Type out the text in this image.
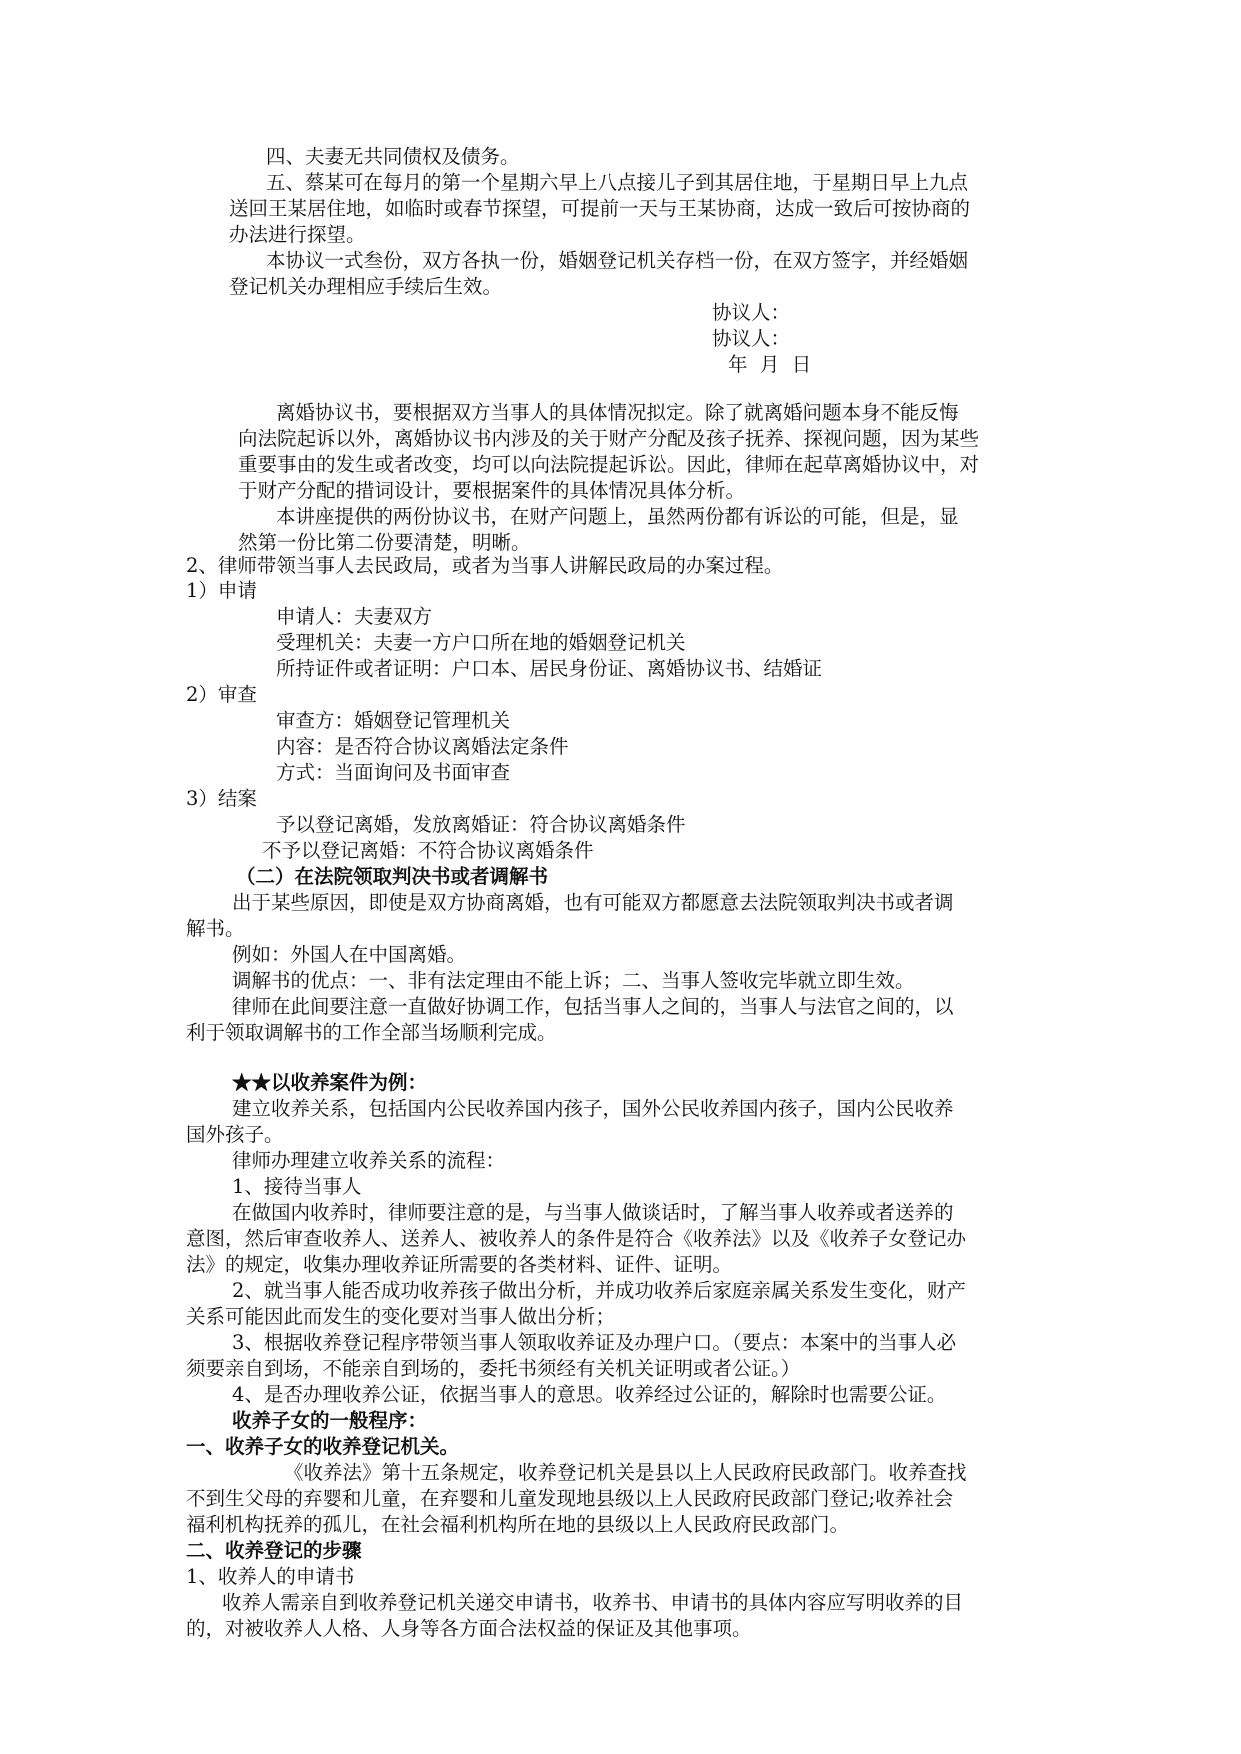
四、夫妻无共同债权及债务。

五、蔡某可在每月的第一个星期六早上八点接儿子到其居住地，于星期日早上九点

送回王某居住地，如临时或春节探望，可提前一天与王某协商，达成一致后可按协商的

办法进行探望。

本协议一式叁份，双方各执一份，婚姻登记机关存档一份，在双方签字，并经婚姻

登记机关办理相应手续后生效。

协议人：

协议人：

年  月  日

离婚协议书，要根据双方当事人的具体情况拟定。除了就离婚问题本身不能反悔

向法院起诉以外，离婚协议书内涉及的关于财产分配及孩子抚养、探视问题，因为某些

重要事由的发生或者改变，均可以向法院提起诉讼。因此，律师在起草离婚协议中，对

于财产分配的措词设计，要根据案件的具体情况具体分析。

本讲座提供的两份协议书，在财产问题上，虽然两份都有诉讼的可能，但是，显

然第一份比第二份要清楚，明晰。

2、律师带领当事人去民政局，或者为当事人讲解民政局的办案过程。

1）申请

申请人：夫妻双方

受理机关：夫妻一方户口所在地的婚姻登记机关

所持证件或者证明：户口本、居民身份证、离婚协议书、结婚证

2）审查

审查方：婚姻登记管理机关

内容：是否符合协议离婚法定条件

方式：当面询问及书面审查

3）结案

予以登记离婚，发放离婚证：符合协议离婚条件

不予以登记离婚：不符合协议离婚条件

（二）在法院领取判决书或者调解书

出于某些原因，即使是双方协商离婚，也有可能双方都愿意去法院领取判决书或者调

解书。

例如：外国人在中国离婚。

调解书的优点：一、非有法定理由不能上诉；二、当事人签收完毕就立即生效。

律师在此间要注意一直做好协调工作，包括当事人之间的，当事人与法官之间的，以

利于领取调解书的工作全部当场顺利完成。

★★以收养案件为例：

建立收养关系，包括国内公民收养国内孩子，国外公民收养国内孩子，国内公民收养

国外孩子。

律师办理建立收养关系的流程：

1、接待当事人

在做国内收养时，律师要注意的是，与当事人做谈话时，了解当事人收养或者送养的

意图，然后审查收养人、送养人、被收养人的条件是符合《收养法》以及《收养子女登记办

法》的规定，收集办理收养证所需要的各类材料、证件、证明。

2、就当事人能否成功收养孩子做出分析，并成功收养后家庭亲属关系发生变化，财产

关系可能因此而发生的变化要对当事人做出分析；

3、根据收养登记程序带领当事人领取收养证及办理户口。（要点：本案中的当事人必

须要亲自到场，不能亲自到场的，委托书须经有关机关证明或者公证。）

4、是否办理收养公证，依据当事人的意思。收养经过公证的，解除时也需要公证。

收养子女的一般程序：

一、收养子女的收养登记机关。

《收养法》第十五条规定，收养登记机关是县以上人民政府民政部门。收养查找

不到生父母的弃婴和儿童，在弃婴和儿童发现地县级以上人民政府民政部门登记;收养社会

福利机构抚养的孤儿，在社会福利机构所在地的县级以上人民政府民政部门。

二、收养登记的步骤

1、收养人的申请书

收养人需亲自到收养登记机关递交申请书，收养书、申请书的具体内容应写明收养的目

的，对被收养人人格、人身等各方面合法权益的保证及其他事项。
